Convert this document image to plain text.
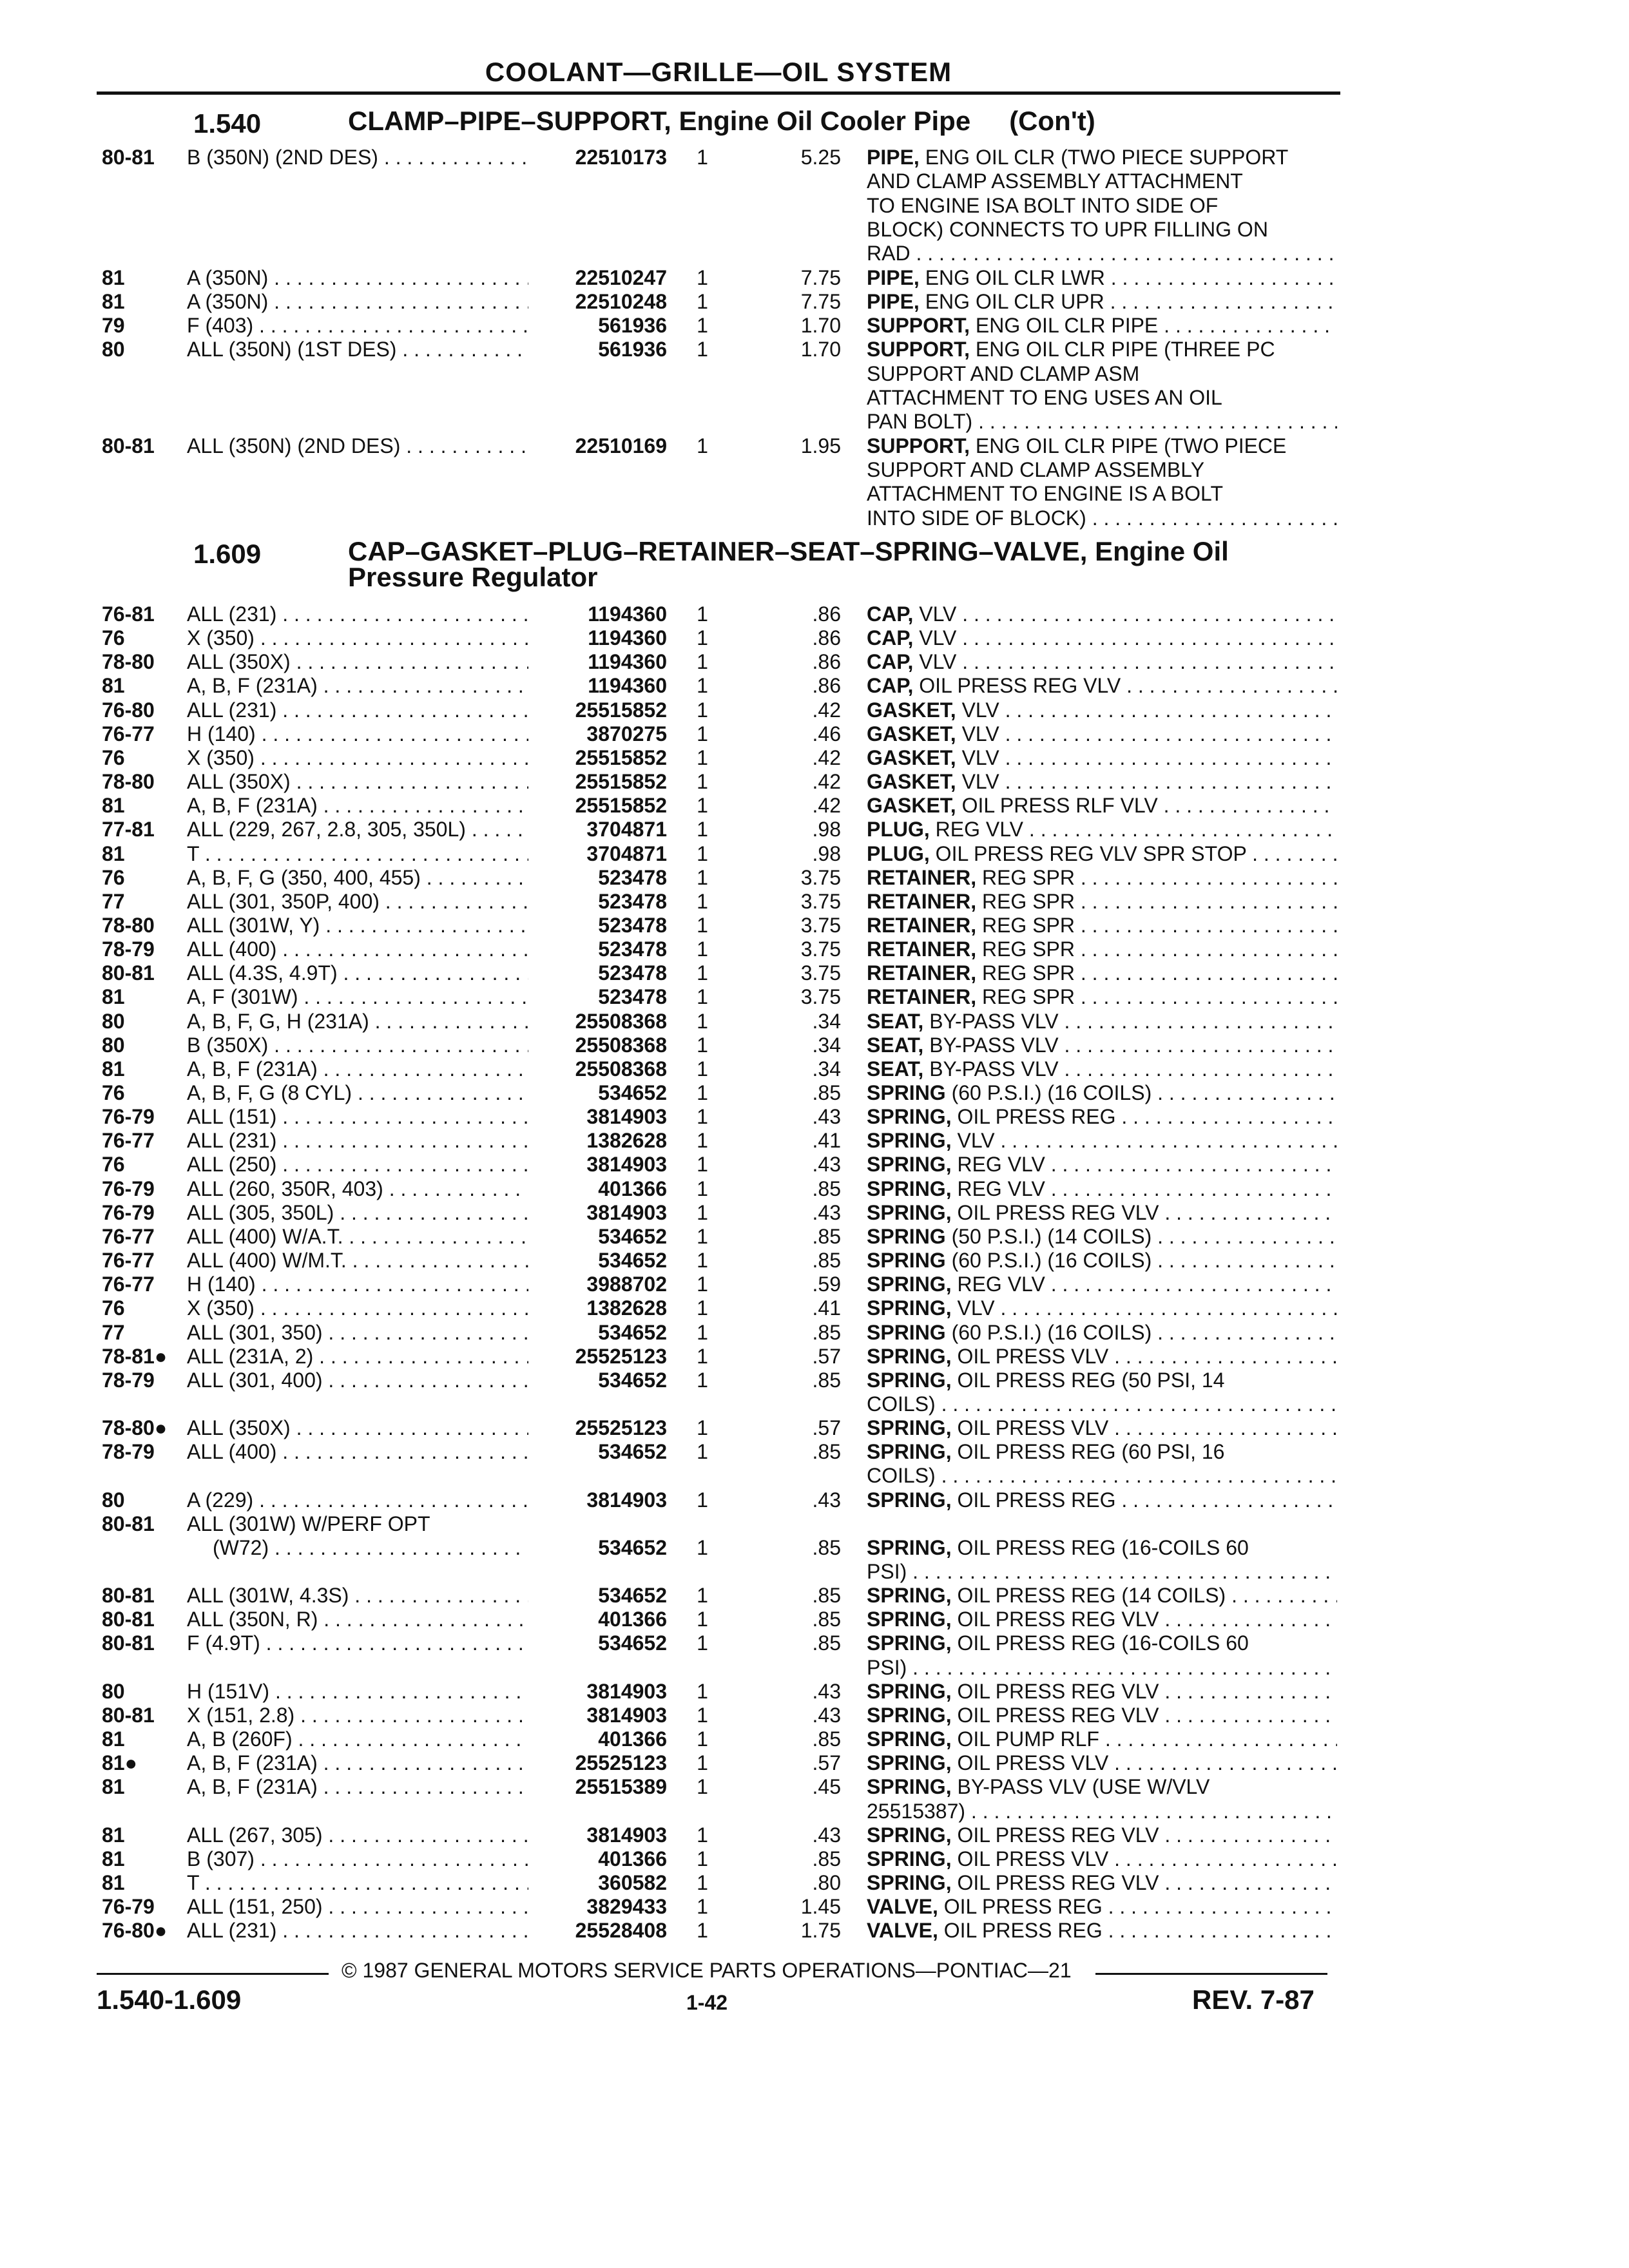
COOLANT—GRILLE—OIL SYSTEM
1.540	CLAMP–PIPE–SUPPORT, Engine Oil Cooler Pipe (Con't)
1.609	CAP–GASKET–PLUG–RETAINER–SEAT–SPRING–VALVE, Engine Oil
Pressure Regulator
80-81 B (350N) (2ND DES) . . .	22510173 1	5.25 PIPE, ENG OIL CLR (TWO PIECE SUPPORT
AND CLAMP ASSEMBLY ATTACHMENT
TO ENGINE ISA BOLT INTO SIDE OF
BLOCK) CONNECTS TO UPR FILLING ON
RAD . . .
81	A (350N) . . .	22510247 1	7.75 PIPE, ENG OIL CLR LWR . . .
81	A (350N) . . .	22510248 1	7.75 PIPE, ENG OIL CLR UPR . . .
79	F (403) . . .	561936 1	1.70 SUPPORT, ENG OIL CLR PIPE . . .
80	ALL (350N) (1ST DES) . . .	561936 1	1.70 SUPPORT, ENG OIL CLR PIPE (THREE PC
SUPPORT AND CLAMP ASM
ATTACHMENT TO ENG USES AN OIL
PAN BOLT) . . .
80-81 ALL (350N) (2ND DES) . . .	22510169 1	1.95 SUPPORT, ENG OIL CLR PIPE (TWO PIECE
SUPPORT AND CLAMP ASSEMBLY
ATTACHMENT TO ENGINE IS A BOLT
INTO SIDE OF BLOCK) . . .
76-81 ALL (231) . . .	1194360 1	.86 CAP, VLV . . .
76	X (350) . . .	1194360 1	.86 CAP, VLV . . .
78-80 ALL (350X) . . .	1194360 1	.86 CAP, VLV . . .
81	A, B, F (231A) . . .	1194360 1	.86 CAP, OIL PRESS REG VLV . . .
76-80 ALL (231) . . .	25515852 1	.42 GASKET, VLV . . .
76-77 H (140) . . .	3870275 1	.46 GASKET, VLV . . .
76	X (350) . . .	25515852 1	.42 GASKET, VLV . . .
78-80 ALL (350X) . . .	25515852 1	.42 GASKET, VLV . . .
81	A, B, F (231A) . . .	25515852 1	.42 GASKET, OIL PRESS RLF VLV . . .
77-81 ALL (229, 267, 2.8, 305, 350L) . . .	3704871 1	.98 PLUG, REG VLV . . .
81	T . . .	3704871 1	.98 PLUG, OIL PRESS REG VLV SPR STOP . . .
76	A, B, F, G (350, 400, 455) . . .	523478 1	3.75 RETAINER, REG SPR . . .
77	ALL (301, 350P, 400) . . .	523478 1	3.75 RETAINER, REG SPR . . .
78-80 ALL (301W, Y) . . .	523478 1	3.75 RETAINER, REG SPR . . .
78-79 ALL (400) . . .	523478 1	3.75 RETAINER, REG SPR . . .
80-81 ALL (4.3S, 4.9T) . . .	523478 1	3.75 RETAINER, REG SPR . . .
81	A, F (301W) . . .	523478 1	3.75 RETAINER, REG SPR . . .
80	A, B, F, G, H (231A) . . .	25508368 1	.34 SEAT, BY-PASS VLV . . .
80	B (350X) . . .	25508368 1	.34 SEAT, BY-PASS VLV . . .
81	A, B, F (231A) . . .	25508368 1	.34 SEAT, BY-PASS VLV . . .
76	A, B, F, G (8 CYL) . . .	534652 1	.85 SPRING (60 P.S.I.) (16 COILS) . . .
76-79 ALL (151) . . .	3814903 1	.43 SPRING, OIL PRESS REG . . .
76-77 ALL (231) . . .	1382628 1	.41 SPRING, VLV . . .
76	ALL (250) . . .	3814903 1	.43 SPRING, REG VLV . . .
76-79 ALL (260, 350R, 403) . . .	401366 1	.85 SPRING, REG VLV . . .
76-79 ALL (305, 350L) . . .	3814903 1	.43 SPRING, OIL PRESS REG VLV . . .
76-77 ALL (400) W/A.T. . . .	534652 1	.85 SPRING (50 P.S.I.) (14 COILS) . . .
76-77 ALL (400) W/M.T. . . .	534652 1	.85 SPRING (60 P.S.I.) (16 COILS) . . .
76-77 H (140) . . .	3988702 1	.59 SPRING, REG VLV . . .
76	X (350) . . .	1382628 1	.41 SPRING, VLV . . .
77	ALL (301, 350) . . .	534652 1	.85 SPRING (60 P.S.I.) (16 COILS) . . .
78-81● ALL (231A, 2) . . .	25525123 1	.57 SPRING, OIL PRESS VLV . . .
78-79 ALL (301, 400) . . .	534652 1	.85 SPRING, OIL PRESS REG (50 PSI, 14
COILS) . . .
78-80● ALL (350X) . . .	25525123 1	.57 SPRING, OIL PRESS VLV . . .
78-79 ALL (400) . . .	534652 1	.85 SPRING, OIL PRESS REG (60 PSI, 16
COILS) . . .
80	A (229) . . .	3814903 1	.43 SPRING, OIL PRESS REG . . .
80-81 ALL (301W) W/PERF OPT
(W72) . . .	534652 1	.85 SPRING, OIL PRESS REG (16-COILS 60
PSI) . . .
80-81 ALL (301W, 4.3S) . . .	534652 1	.85 SPRING, OIL PRESS REG (14 COILS) . . .
80-81 ALL (350N, R) . . .	401366 1	.85 SPRING, OIL PRESS REG VLV . . .
80-81 F (4.9T) . . .	534652 1	.85 SPRING, OIL PRESS REG (16-COILS 60
PSI) . . .
80	H (151V) . . .	3814903 1	.43 SPRING, OIL PRESS REG VLV . . .
80-81 X (151, 2.8) . . .	3814903 1	.43 SPRING, OIL PRESS REG VLV . . .
81	A, B (260F) . . .	401366 1	.85 SPRING, OIL PUMP RLF . . .
81● A, B, F (231A) . . .	25525123 1	.57 SPRING, OIL PRESS VLV . . .
81	A, B, F (231A) . . .	25515389 1	.45 SPRING, BY-PASS VLV (USE W/VLV
25515387) . . .
81	ALL (267, 305) . . .	3814903 1	.43 SPRING, OIL PRESS REG VLV . . .
81	B (307) . . .	401366 1	.85 SPRING, OIL PRESS VLV . . .
81	T . . .	360582 1	.80 SPRING, OIL PRESS REG VLV . . .
76-79 ALL (151, 250) . . .	3829433 1	1.45 VALVE, OIL PRESS REG . . .
76-80● ALL (231) . . .	25528408 1	1.75 VALVE, OIL PRESS REG . . .
© 1987 GENERAL MOTORS SERVICE PARTS OPERATIONS—PONTIAC—21
1.540-1.609	1-42	REV. 7-87
